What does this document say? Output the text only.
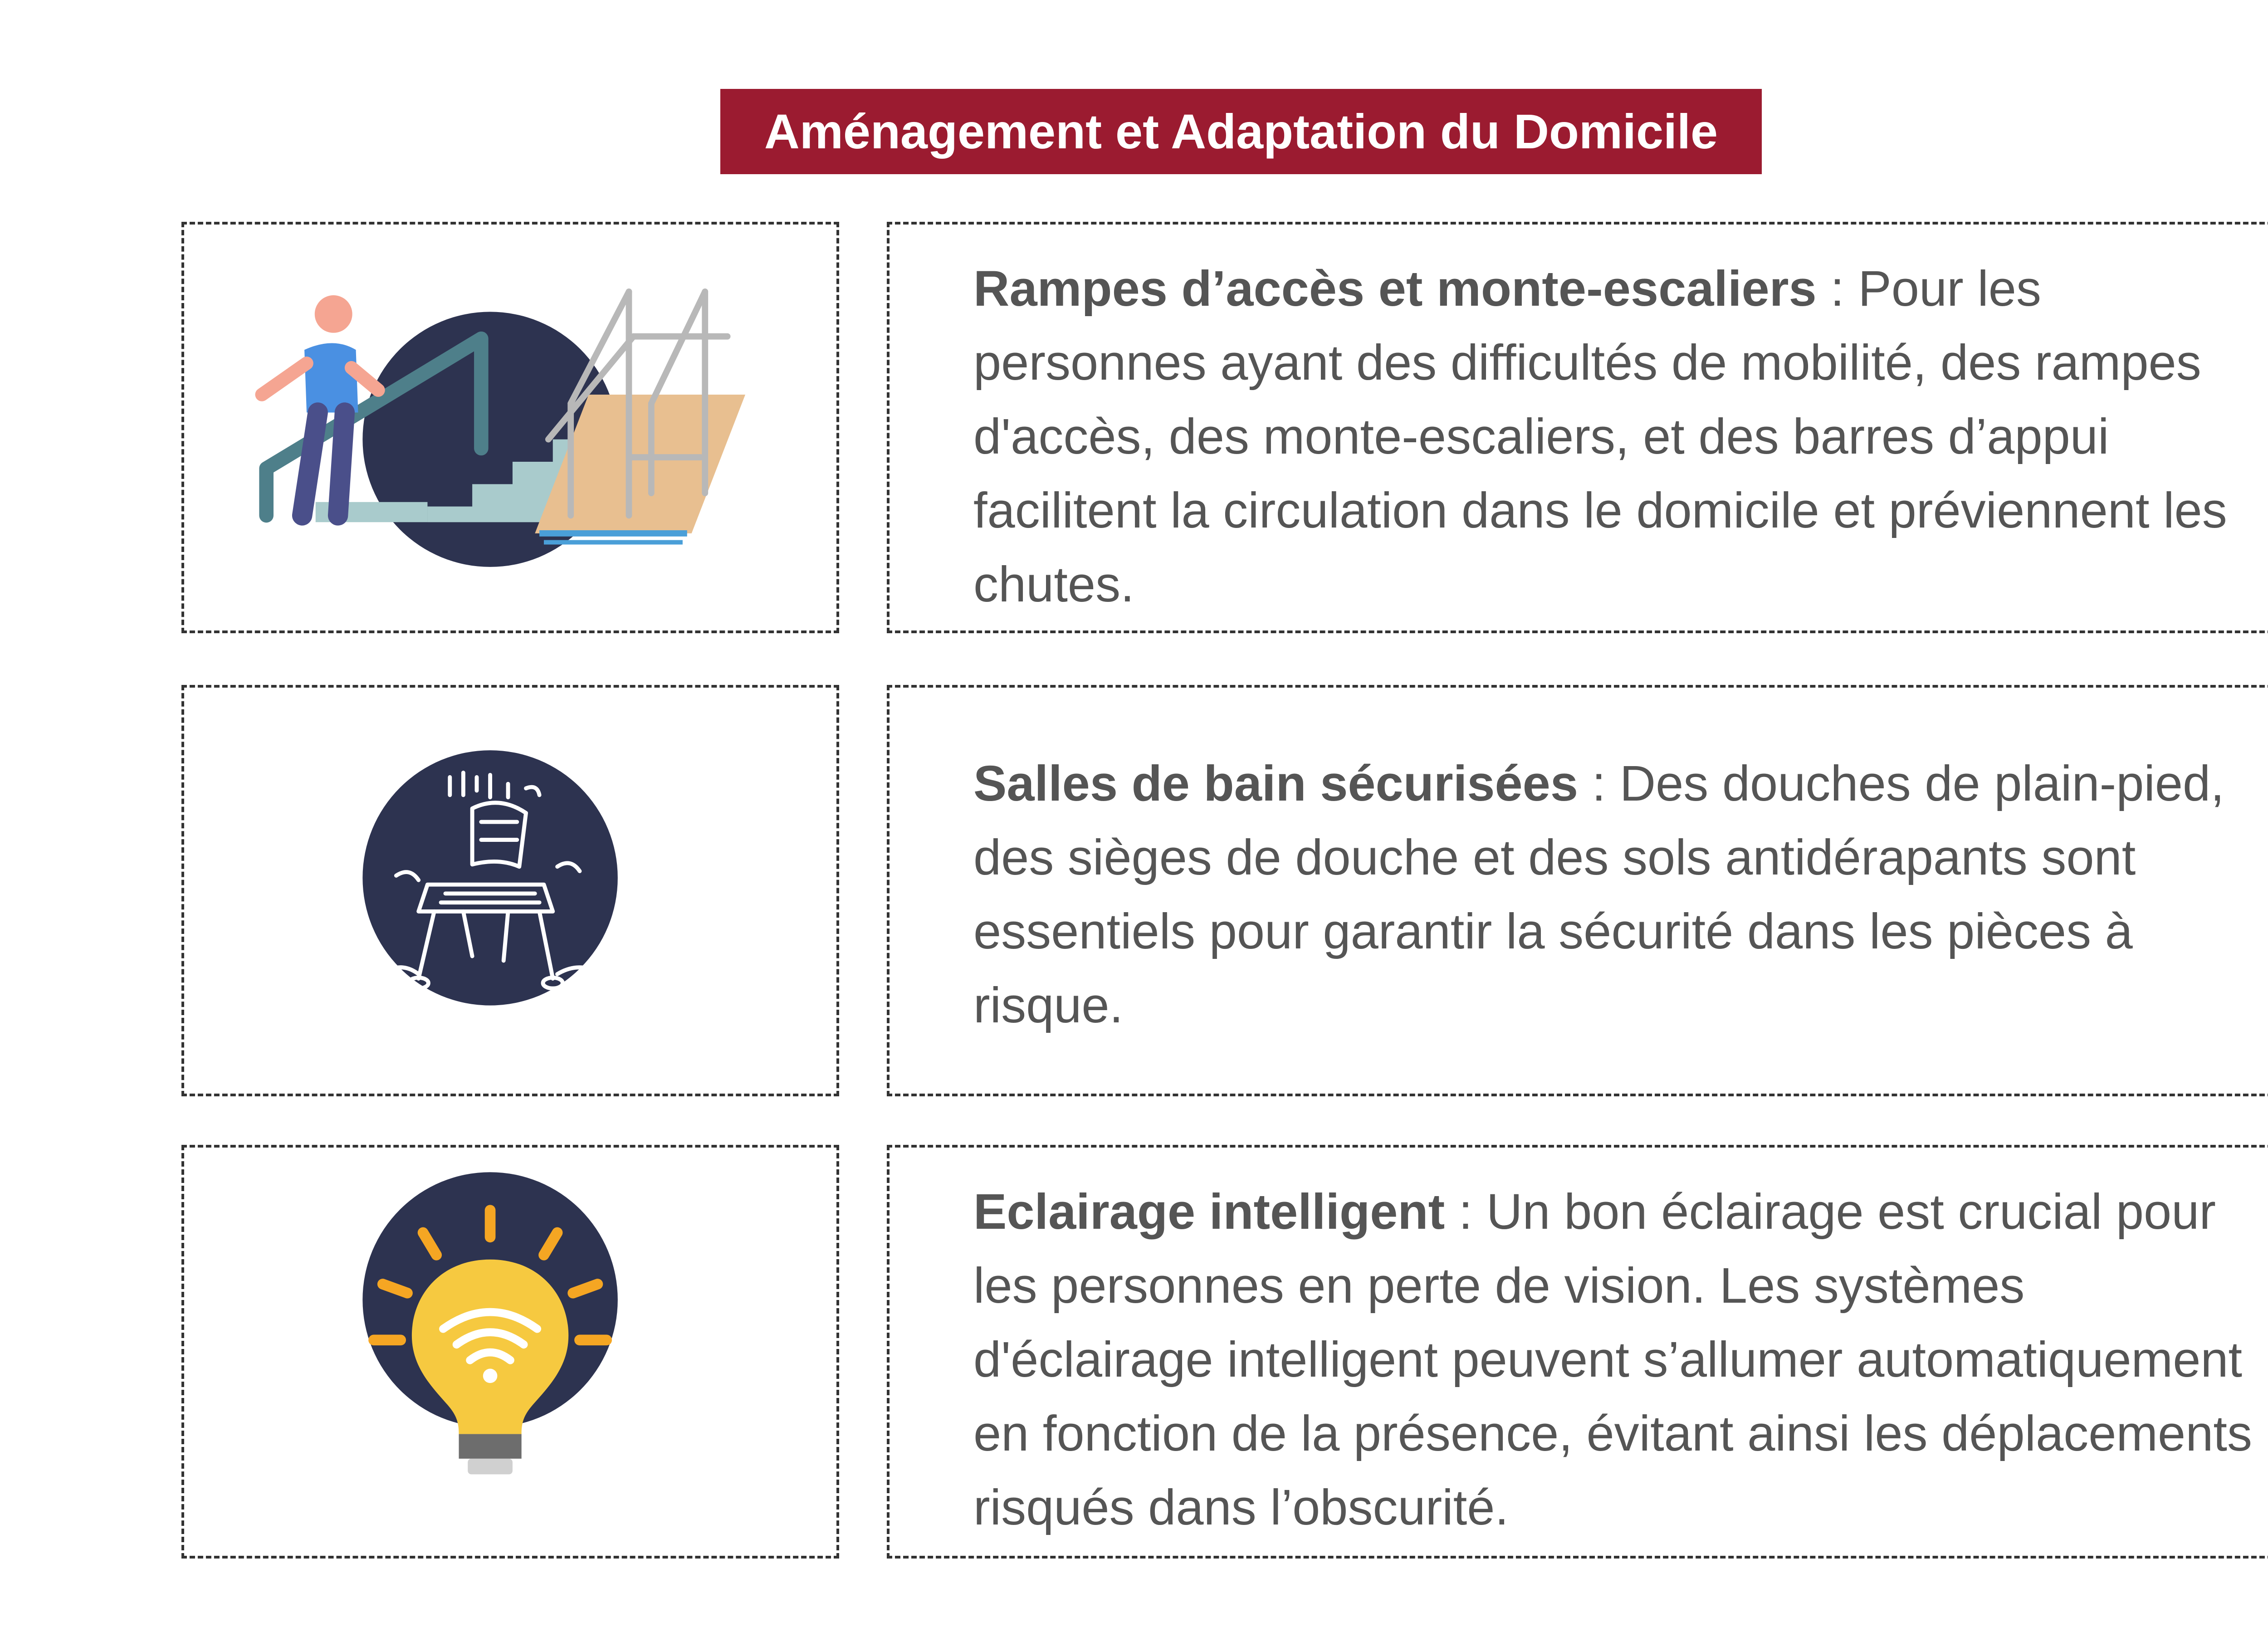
Aménagement et Adaptation du Domicile

Rampes d’accès et monte-escaliers : Pour les personnes ayant des difficultés de mobilité, des rampes d'accès, des monte-escaliers, et des barres d’appui facilitent la circulation dans le domicile et préviennent les chutes.

Salles de bain sécurisées : Des douches de plain-pied, des sièges de douche et des sols antidérapants sont essentiels pour garantir la sécurité dans les pièces à risque.

Eclairage intelligent : Un bon éclairage est crucial pour les personnes en perte de vision. Les systèmes d'éclairage intelligent peuvent s’allumer automatiquement en fonction de la présence, évitant ainsi les déplacements risqués dans l’obscurité.
